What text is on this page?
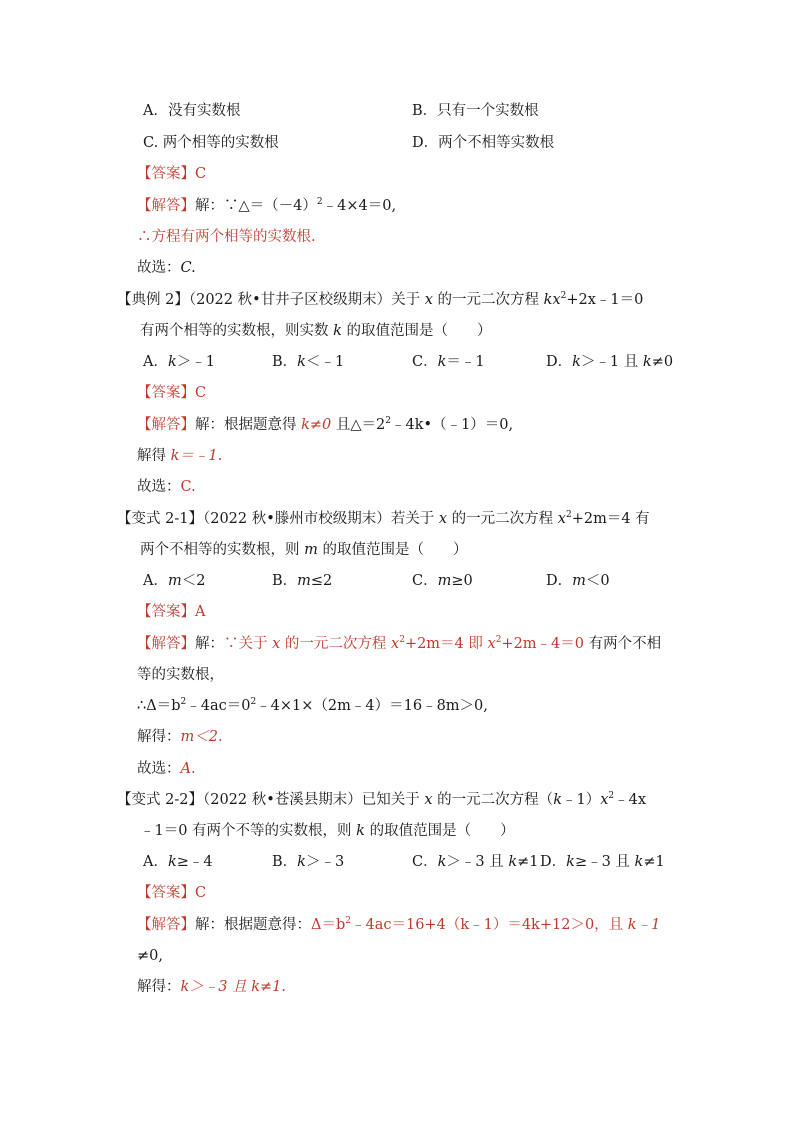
A．没有实数根	B．只有一个实数根
C. 两个相等的实数根	D．两个不相等实数根
【答案】C
【解答】解：$\because\triangle=(-4)^2﹣4\times 4=0$,
∴方程有两个相等的实数根.
故选：C.
【典例 2】（2022 秋•甘井子区校级期末）关于 x 的一元二次方程 $kx^2+2x﹣1=0$
有两个相等的实数根，则实数 k 的取值范围是（　　）
A．k＞﹣1	B．k＜﹣1	C．k＝﹣1	D．k＞﹣1 且 k≠0
【答案】C
【解答】解：根据题意得 k≠0 且$\triangle=2^2﹣4k•(﹣1)=0$,
解得 k＝﹣1.
故选：C.
【变式 2-1】（2022 秋•滕州市校级期末）若关于 x 的一元二次方程 $x^2+2m=4$ 有
两个不相等的实数根，则 m 的取值范围是（　　）
A．m＜2	B．m≤2	C．m≥0	D．m＜0
【答案】A
【解答】解：∵关于 x 的一元二次方程 $x^2+2m=4$ 即 $x^2+2m﹣4=0$ 有两个不相
等的实数根，
$\therefore\Delta=b^2﹣4ac=0^2﹣4\times 1\times(2m﹣4)=16﹣8m>0$,
解得：m＜2.
故选：A.
【变式 2-2】（2022 秋•苍溪县期末）已知关于 x 的一元二次方程$(k﹣1)x^2﹣4x$
﹣1＝0 有两个不等的实数根，则 k 的取值范围是（　　）
A．k≥﹣4	B．k＞﹣3	C．k＞﹣3 且 k≠1 D．k≥﹣3 且 k≠1
【答案】C
【解答】解：根据题意得：$\Delta=b^2﹣4ac=16+4(k﹣1)=4k+12>0$，且 k﹣1
≠0,
解得：k＞﹣3 且 k≠1.
